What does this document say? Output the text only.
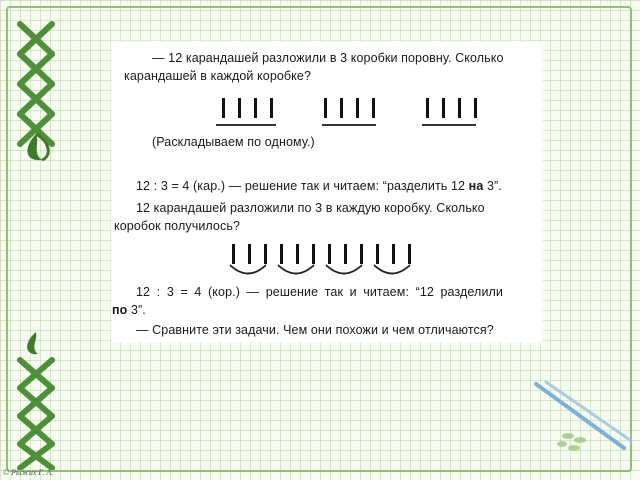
— 12 карандашей разложили в 3 коробки поровну. Сколько
карандашей в каждой коробке?
(Раскладываем по одному.)
12 : 3 = 4 (кар.) — решение так и читаем: “разделить 12 на 3”.
12 карандашей разложили по 3 в каждую коробку. Сколько
коробок получилось?
12 : 3 = 4 (кор.) — решение так и читаем: “12 разделили
по 3”.
— Сравните эти задачи. Чем они похожи и чем отличаются?
© Рыжих Г. А.
